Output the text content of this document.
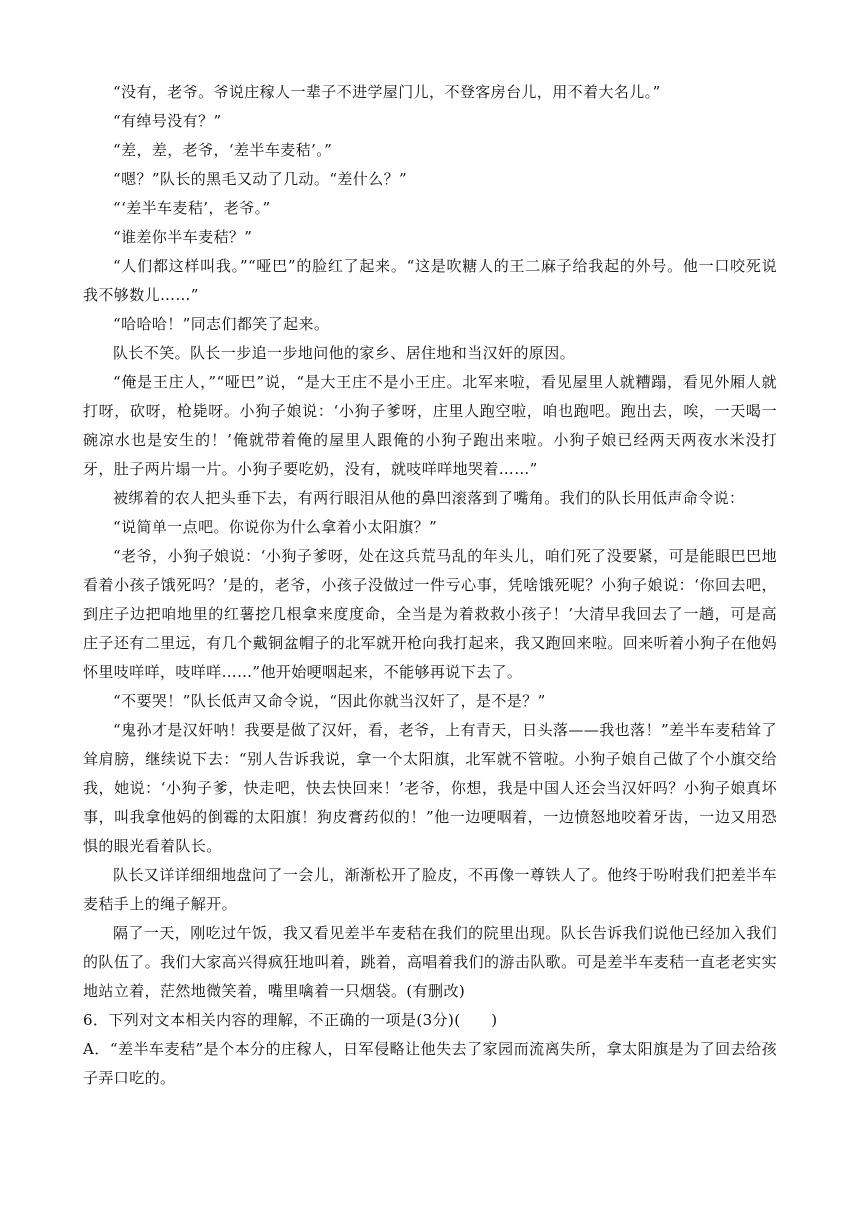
“没有，老爷。爷说庄稼人一辈子不进学屋门儿，不登客房台儿，用不着大名儿。”

“有绰号没有？”

“差，差，老爷，‘差半车麦秸’。”

“嗯？”队长的黑毛又动了几动。“差什么？”

“‘差半车麦秸’，老爷。”

“谁差你半车麦秸？”

“人们都这样叫我。”“哑巴”的脸红了起来。“这是吹糖人的王二麻子给我起的外号。他一口咬死说我不够数儿……”

“哈哈哈！”同志们都笑了起来。

队长不笑。队长一步追一步地问他的家乡、居住地和当汉奸的原因。

“俺是王庄人，”“哑巴”说，“是大王庄不是小王庄。北军来啦，看见屋里人就糟蹋，看见外厢人就打呀，砍呀，枪毙呀。小狗子娘说：‘小狗子爹呀，庄里人跑空啦，咱也跑吧。跑出去，唉，一天喝一碗凉水也是安生的！’俺就带着俺的屋里人跟俺的小狗子跑出来啦。小狗子娘已经两天两夜水米没打牙，肚子两片塌一片。小狗子要吃奶，没有，就吱咩咩地哭着……”

被绑着的农人把头垂下去，有两行眼泪从他的鼻凹滚落到了嘴角。我们的队长用低声命令说：

“说简单一点吧。你说你为什么拿着小太阳旗？”

“老爷，小狗子娘说：‘小狗子爹呀，处在这兵荒马乱的年头儿，咱们死了没要紧，可是能眼巴巴地看着小孩子饿死吗？’是的，老爷，小孩子没做过一件亏心事，凭啥饿死呢？小狗子娘说：‘你回去吧，到庄子边把咱地里的红薯挖几根拿来度度命，全当是为着救救小孩子！’大清早我回去了一趟，可是高庄子还有二里远，有几个戴铜盆帽子的北军就开枪向我打起来，我又跑回来啦。回来听着小狗子在他妈怀里吱咩咩，吱咩咩……”他开始哽咽起来，不能够再说下去了。

“不要哭！”队长低声又命令说，“因此你就当汉奸了，是不是？”

“鬼孙才是汉奸呐！我要是做了汉奸，看，老爷，上有青天，日头落——我也落！”差半车麦秸耸了耸肩膀，继续说下去：“别人告诉我说，拿一个太阳旗，北军就不管啦。小狗子娘自己做了个小旗交给我，她说：‘小狗子爹，快走吧，快去快回来！’老爷，你想，我是中国人还会当汉奸吗？小狗子娘真坏事，叫我拿他妈的倒霉的太阳旗！狗皮膏药似的！”他一边哽咽着，一边愤怒地咬着牙齿，一边又用恐惧的眼光看着队长。

队长又详详细细地盘问了一会儿，渐渐松开了脸皮，不再像一尊铁人了。他终于吩咐我们把差半车麦秸手上的绳子解开。

隔了一天，刚吃过午饭，我又看见差半车麦秸在我们的院里出现。队长告诉我们说他已经加入我们的队伍了。我们大家高兴得疯狂地叫着，跳着，高唱着我们的游击队歌。可是差半车麦秸一直老老实实地站立着，茫然地微笑着，嘴里噙着一只烟袋。(有删改)

6．下列对文本相关内容的理解，不正确的一项是(3分)(　　)

A．“差半车麦秸”是个本分的庄稼人，日军侵略让他失去了家园而流离失所，拿太阳旗是为了回去给孩子弄口吃的。
